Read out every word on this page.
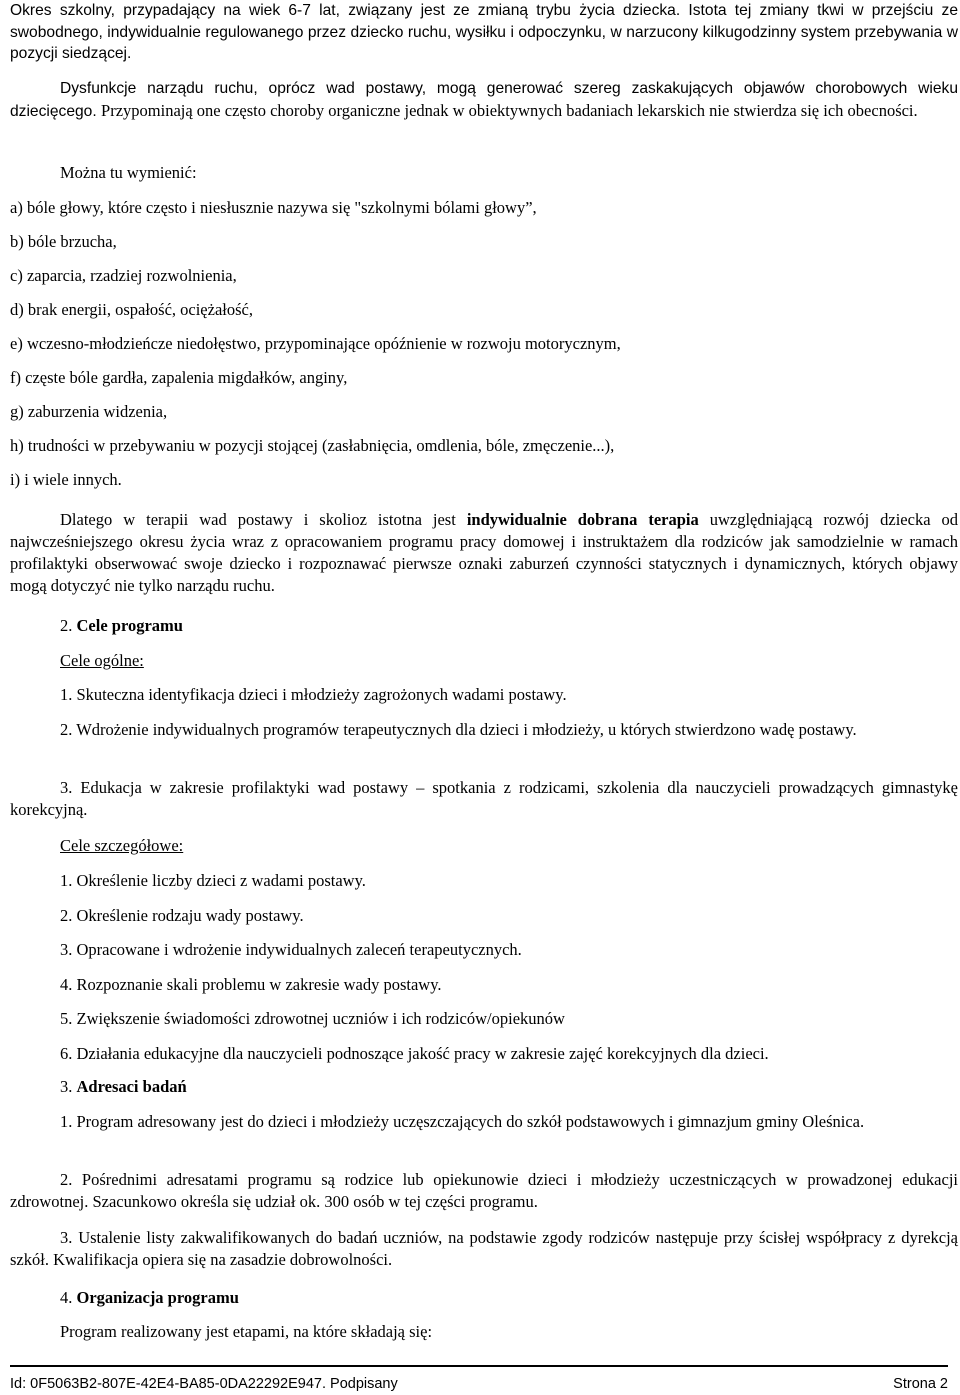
Okres szkolny, przypadający na wiek 6-7 lat, związany jest ze zmianą trybu życia dziecka. Istota tej zmiany tkwi w przejściu ze swobodnego, indywidualnie regulowanego przez dziecko ruchu, wysiłku i odpoczynku, w narzucony kilkugodzinny system przebywania w pozycji siedzącej.

Dysfunkcje narządu ruchu, oprócz wad postawy, mogą generować szereg zaskakujących objawów chorobowych wieku dziecięcego. Przypominają one często choroby organiczne jednak w obiektywnych badaniach lekarskich nie stwierdza się ich obecności.

Można tu wymienić:

a) bóle głowy, które często i niesłusznie nazywa się "szkolnymi bólami głowy”,

b) bóle brzucha,

c) zaparcia, rzadziej rozwolnienia,

d) brak energii, ospałość, ociężałość,

e) wczesno-młodzieńcze niedołęstwo, przypominające opóźnienie w rozwoju motorycznym,

f) częste bóle gardła, zapalenia migdałków, anginy,

g) zaburzenia widzenia,

h) trudności w przebywaniu w pozycji stojącej (zasłabnięcia, omdlenia, bóle, zmęczenie...),

i) i wiele innych.

Dlatego w terapii wad postawy i skolioz istotna jest indywidualnie dobrana terapia uwzględniającą rozwój dziecka od najwcześniejszego okresu życia wraz z opracowaniem programu pracy domowej i instruktażem dla rodziców jak samodzielnie w ramach profilaktyki obserwować swoje dziecko i rozpoznawać pierwsze oznaki zaburzeń czynności statycznych i dynamicznych, których objawy mogą dotyczyć nie tylko narządu ruchu.

2. Cele programu

Cele ogólne:

1. Skuteczna identyfikacja dzieci i młodzieży zagrożonych wadami postawy.

2. Wdrożenie indywidualnych programów terapeutycznych dla dzieci i młodzieży, u których stwierdzono wadę postawy.

3. Edukacja w zakresie profilaktyki wad postawy – spotkania z rodzicami, szkolenia dla nauczycieli prowadzących gimnastykę korekcyjną.

Cele szczegółowe:

1. Określenie liczby dzieci z wadami postawy.

2. Określenie rodzaju wady postawy.

3. Opracowane i wdrożenie indywidualnych zaleceń terapeutycznych.

4. Rozpoznanie skali problemu w zakresie wady postawy.

5. Zwiększenie świadomości zdrowotnej uczniów i ich rodziców/opiekunów

6. Działania edukacyjne dla nauczycieli podnoszące jakość pracy w zakresie zajęć korekcyjnych dla dzieci.

3. Adresaci badań

1. Program adresowany jest do dzieci i młodzieży uczęszczających do szkół podstawowych i gimnazjum gminy Oleśnica.

2. Pośrednimi adresatami programu są rodzice lub opiekunowie dzieci i młodzieży uczestniczących w prowadzonej edukacji zdrowotnej. Szacunkowo określa się udział ok. 300 osób w tej części programu.

3. Ustalenie listy zakwalifikowanych do badań uczniów, na podstawie zgody rodziców następuje przy ścisłej współpracy z dyrekcją szkół. Kwalifikacja opiera się na zasadzie dobrowolności.

4. Organizacja programu

Program realizowany jest etapami, na które składają się:

Id: 0F5063B2-807E-42E4-BA85-0DA22292E947. Podpisany	Strona 2
